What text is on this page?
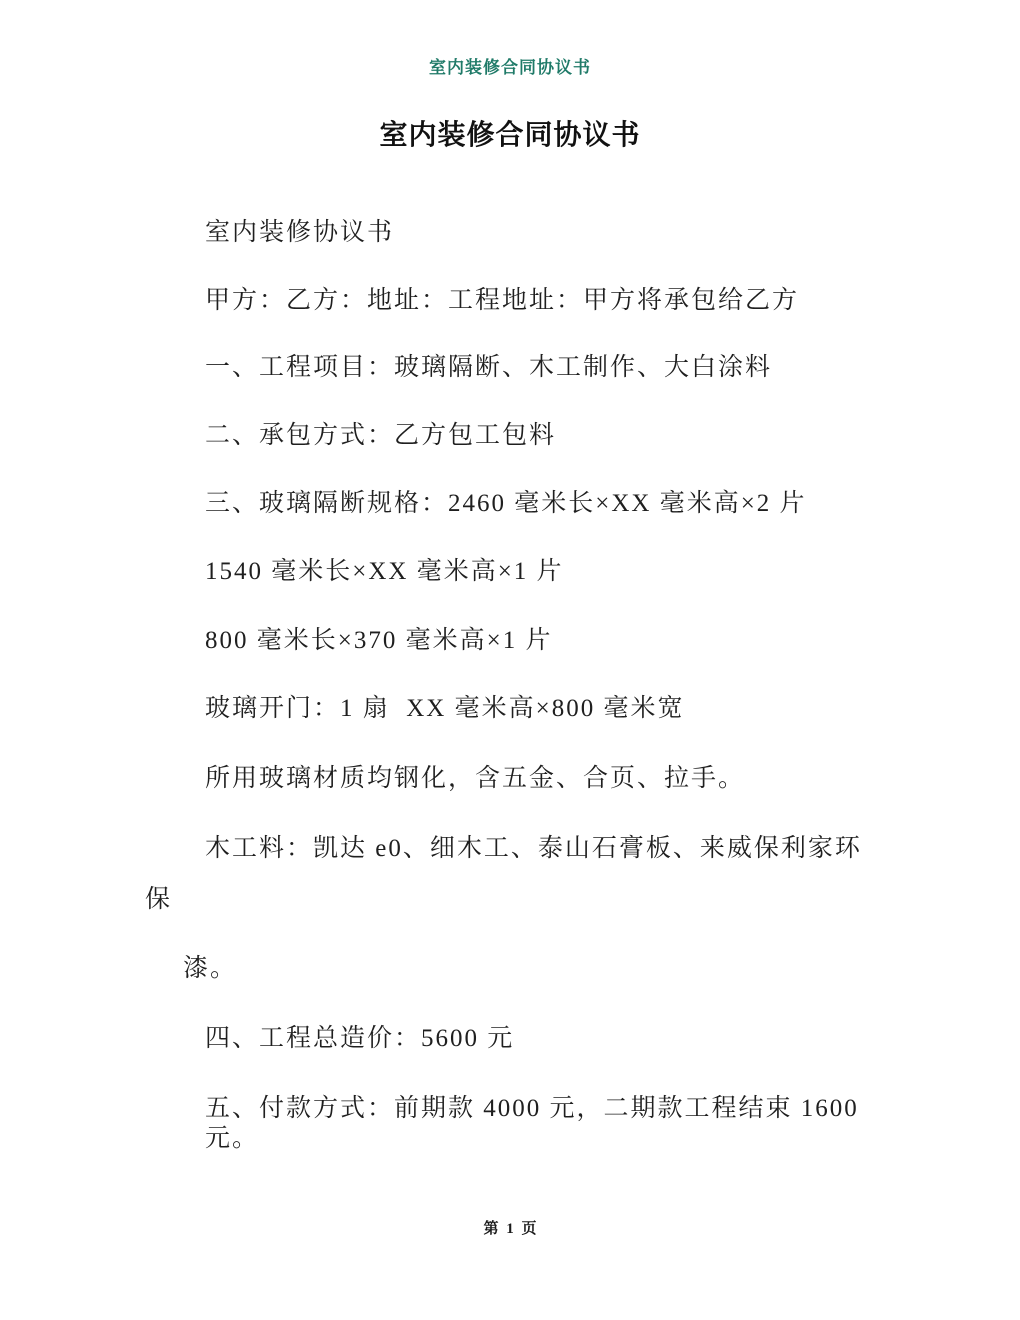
室内装修合同协议书
室内装修合同协议书

室内装修协议书

甲方：乙方：地址：工程地址：甲方将承包给乙方

一、工程项目：玻璃隔断、木工制作、大白涂料

二、承包方式：乙方包工包料

三、玻璃隔断规格：2460 毫米长×XX 毫米高×2 片

1540 毫米长×XX 毫米高×1 片

800 毫米长×370 毫米高×1 片

玻璃开门：1 扇  XX 毫米高×800 毫米宽

所用玻璃材质均钢化，含五金、合页、拉手。

木工料：凯达 e0、细木工、泰山石膏板、来威保利家环

保

漆。

四、工程总造价：5600 元

五、付款方式：前期款 4000 元，二期款工程结束 1600 元。

第 1 页
